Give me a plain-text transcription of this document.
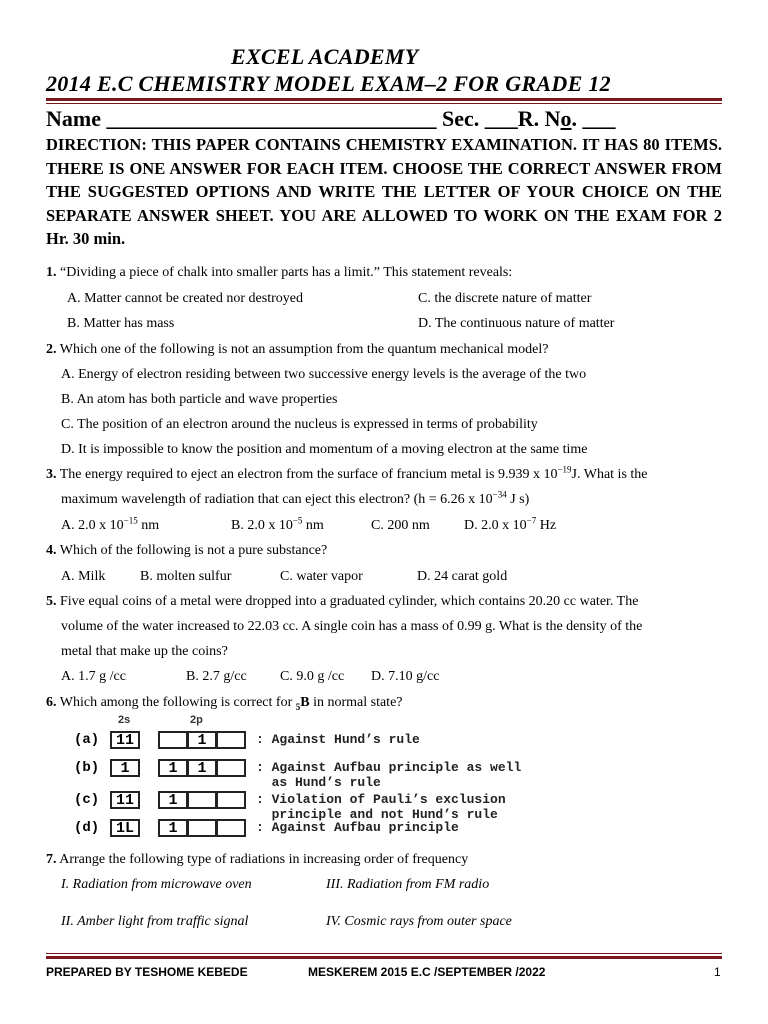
EXCEL ACADEMY
2014 E.C CHEMISTRY MODEL EXAM–2 FOR GRADE 12
Name ______________________________ Sec. ___R. No. ___
DIRECTION: THIS PAPER CONTAINS CHEMISTRY EXAMINATION. IT HAS 80 ITEMS. THERE IS ONE ANSWER FOR EACH ITEM. CHOOSE THE CORRECT ANSWER FROM THE SUGGESTED OPTIONS AND WRITE THE LETTER OF YOUR CHOICE ON THE SEPARATE ANSWER SHEET. YOU ARE ALLOWED TO WORK ON THE EXAM FOR 2 Hr. 30 min.
1. “Dividing a piece of chalk into smaller parts has a limit.” This statement reveals:
A. Matter cannot be created nor destroyed	C. the discrete nature of matter
B. Matter has mass	D. The continuous nature of matter
2. Which one of the following is not an assumption from the quantum mechanical model?
A. Energy of electron residing between two successive energy levels is the average of the two
B. An atom has both particle and wave properties
C. The position of an electron around the nucleus is expressed in terms of probability
D. It is impossible to know the position and momentum of a moving electron at the same time
3. The energy required to eject an electron from the surface of francium metal is 9.939 x $10^{-19}J$. What is the
maximum wavelength of radiation that can eject this electron? (h = 6.26 x $10^{-34}$ J s)
A. 2.0 x $10^{-15}$ nm	B. 2.0 x $10^{-5}$ nm	C. 200 nm D. 2.0 x $10^{-7}$ Hz
4. Which of the following is not a pure substance?
A. Milk B. molten sulfur	C. water vapor	D. 24 carat gold
5. Five equal coins of a metal were dropped into a graduated cylinder, which contains 20.20 cc water. The
volume of the water increased to 22.03 cc. A single coin has a mass of 0.99 g. What is the density of the
metal that make up the coins?
A. 1.7 g /cc	B. 2.7 g/cc C. 9.0 g /cc D. 7.10 g/cc
6. Which among the following is correct for $_5$B in normal state?
2s	2p
(a)	11	1	: Against Hund’s rule
(b)	1	1	1	: Against Aufbau principle as well
as Hund’s rule
(c)	11	1	: Violation of Pauli’s exclusion
principle and not Hund’s rule
(d)	1L	1	: Against Aufbau principle
7. Arrange the following type of radiations in increasing order of frequency
I. Radiation from microwave oven	III. Radiation from FM radio
II. Amber light from traffic signal	IV. Cosmic rays from outer space
PREPARED BY TESHOME KEBEDE	MESKEREM 2015 E.C /SEPTEMBER /2022	1
